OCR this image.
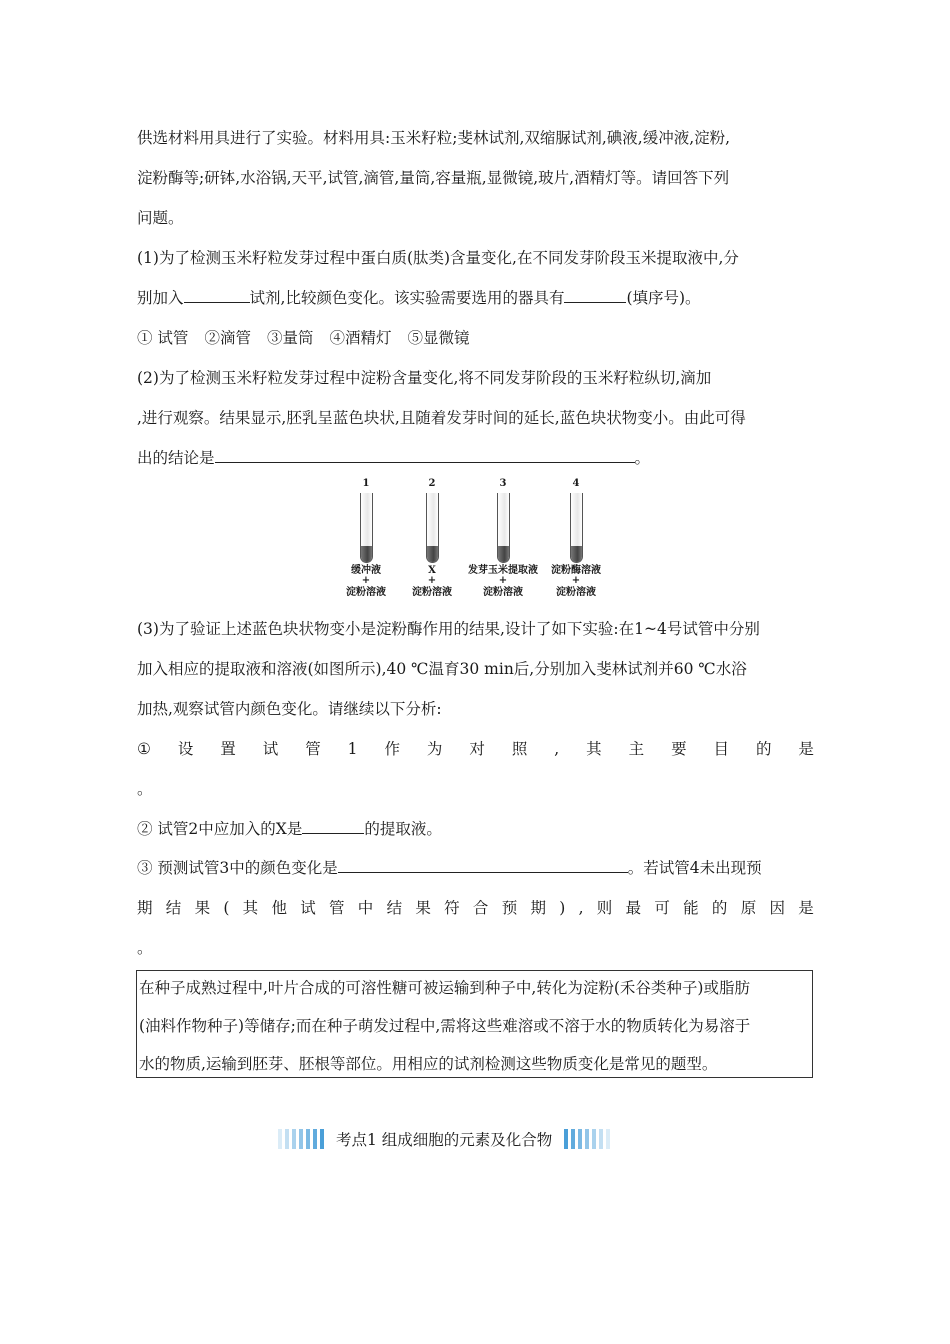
供选材料用具进行了实验。材料用具:玉米籽粒;斐林试剂,双缩脲试剂,碘液,缓冲液,淀粉,
淀粉酶等;研钵,水浴锅,天平,试管,滴管,量筒,容量瓶,显微镜,玻片,酒精灯等。请回答下列
问题。
(1)为了检测玉米籽粒发芽过程中蛋白质(肽类)含量变化,在不同发芽阶段玉米提取液中,分
别加入	试剂,比较颜色变化。该实验需要选用的器具有	(填序号)。
① 试管 ②滴管 ③量筒 ④酒精灯 ⑤显微镜
(2)为了检测玉米籽粒发芽过程中淀粉含量变化,将不同发芽阶段的玉米籽粒纵切,滴加
,进行观察。结果显示,胚乳呈蓝色块状,且随着发芽时间的延长,蓝色块状物变小。由此可得
出的结论是	。
1
缓冲液
+
淀粉溶液
2
X
+
淀粉溶液
3
发芽玉米提取液
+
淀粉溶液
4
淀粉酶溶液
+
淀粉溶液
(3)为了验证上述蓝色块状物变小是淀粉酶作用的结果,设计了如下实验:在1~4号试管中分别
加入相应的提取液和溶液(如图所示),40 ℃温育30 min后,分别加入斐林试剂并60 ℃水浴
加热,观察试管内颜色变化。请继续以下分析:
① 设 置 试 管 1 作 为 对 照 , 其 主 要 目 的 是
。
② 试管2中应加入的X是	的提取液。
③ 预测试管3中的颜色变化是	。若试管4未出现预
期 结 果 ( 其 他 试 管 中 结 果 符 合 预 期 ) , 则 最 可 能 的 原 因 是
。
在种子成熟过程中,叶片合成的可溶性糖可被运输到种子中,转化为淀粉(禾谷类种子)或脂肪
(油料作物种子)等储存;而在种子萌发过程中,需将这些难溶或不溶于水的物质转化为易溶于
水的物质,运输到胚芽、胚根等部位。用相应的试剂检测这些物质变化是常见的题型。
考点1 组成细胞的元素及化合物
